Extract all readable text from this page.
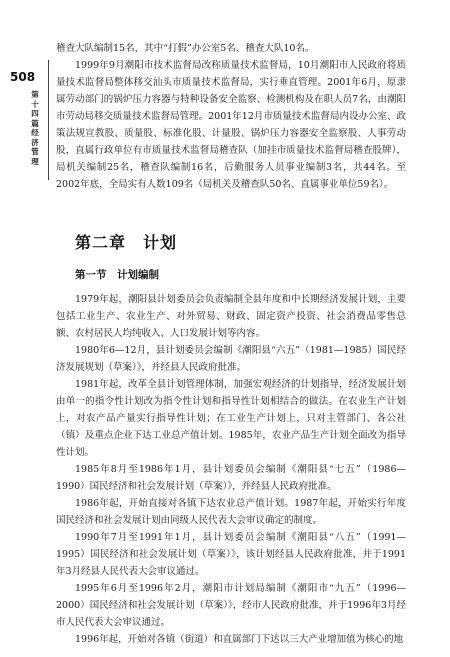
508
第十四篇 经济管理

稽查大队编制15名，其中“打假”办公室5名、稽查大队10名。

1999年9月潮阳市技术监督局改称质量技术监督局，10月潮阳市人民政府将质量技术监督局整体移交汕头市质量技术监督局，实行垂直管理。2001年6月，原隶属劳动部门的锅炉压力容器与特种设备安全监察、检测机构及在职人员7名，由潮阳市劳动局移交质量技术监督局管理。2001年12月市质量技术监督局内设办公室、政策法规宣教股、质量股、标准化股、计量股、锅炉压力容器安全监察股、人事劳动股，直属行政单位有市质量技术监督局稽查队（加挂市质量技术监督局稽查股牌），局机关编制25名，稽查队编制16名，后勤服务人员事业编制3名，共44名。至2002年底，全局实有人数109名（局机关及稽查队50名、直属事业单位59名）。

第二章　计划
第一节　计划编制

1979年起，潮阳县计划委员会负责编制全县年度和中长期经济发展计划，主要包括工业生产、农业生产、对外贸易、财政、固定资产投资、社会消费品零售总额、农村居民人均纯收入、人口发展计划等内容。

1980年6—12月，县计划委员会编制《潮阳县“六五”（1981—1985）国民经济发展规划（草案）》，并经县人民政府批准。

1981年起，改革全县计划管理体制，加强宏观经济的计划指导，经济发展计划由单一的指令性计划改为指令性计划和指导性计划相结合的做法。在农业生产计划上，对农产品产量实行指导性计划；在工业生产计划上，只对主管部门、各公社（镇）及重点企业下达工业总产值计划。1985年，农业产品生产计划全面改为指导性计划。

1985年8月至1986年1月，县计划委员会编制《潮阳县“七五”（1986—1990）国民经济和社会发展计划（草案）》，并经县人民政府批准。

1986年起，开始直接对各镇下达农业总产值计划。1987年起，开始实行年度国民经济和社会发展计划由同级人民代表大会审议确定的制度。

1990年7月至1991年1月，县计划委员会编制《潮阳县“八五”（1991—1995）国民经济和社会发展计划（草案）》，该计划经县人民政府批准，并于1991年3月经县人民代表大会审议通过。

1995年6月至1996年2月，潮阳市计划局编制《潮阳市“九五”（1996—2000）国民经济和社会发展计划（草案）》，经市人民政府批准，并于1996年3月经市人民代表大会审议通过。

1996年起，开始对各镇（街道）和直属部门下达以三大产业增加值为核心的地
